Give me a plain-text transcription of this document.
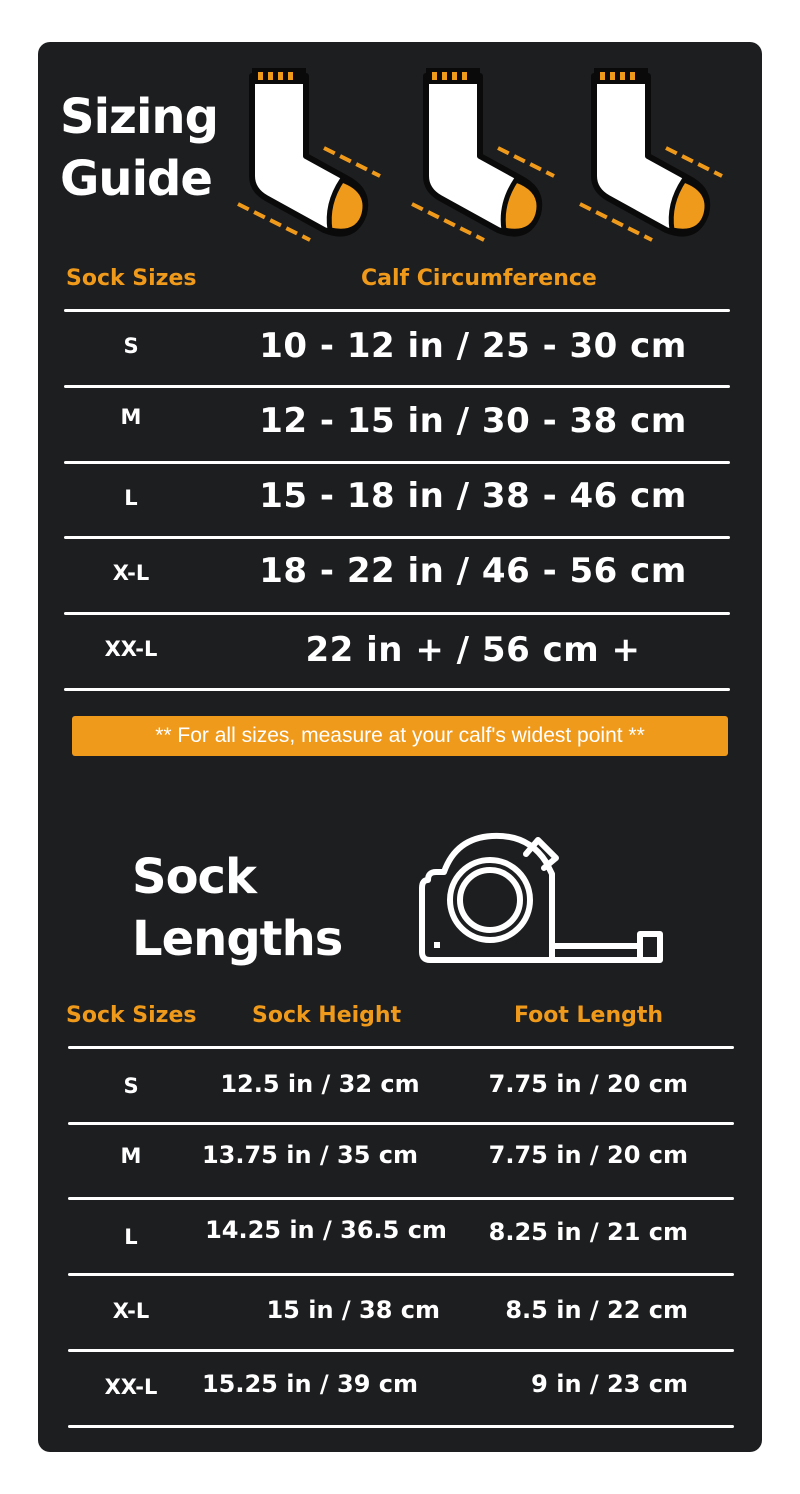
Sizing
Guide
Sock Sizes	Calf Circumference
S	10 - 12 in / 25 - 30 cm
M	12 - 15 in / 30 - 38 cm
L	15 - 18 in / 38 - 46 cm
X-L	18 - 22 in / 46 - 56 cm
XX-L	22 in + / 56 cm +
** For all sizes, measure at your calf's widest point **
Sock
Lengths
Sock Sizes	Sock Height	Foot Length
S	12.5 in / 32 cm	7.75 in / 20 cm
M	13.75 in / 35 cm	7.75 in / 20 cm
L	14.25 in / 36.5 cm	8.25 in / 21 cm
X-L	15 in / 38 cm	8.5 in / 22 cm
XX-L	15.25 in / 39 cm	9 in / 23 cm
